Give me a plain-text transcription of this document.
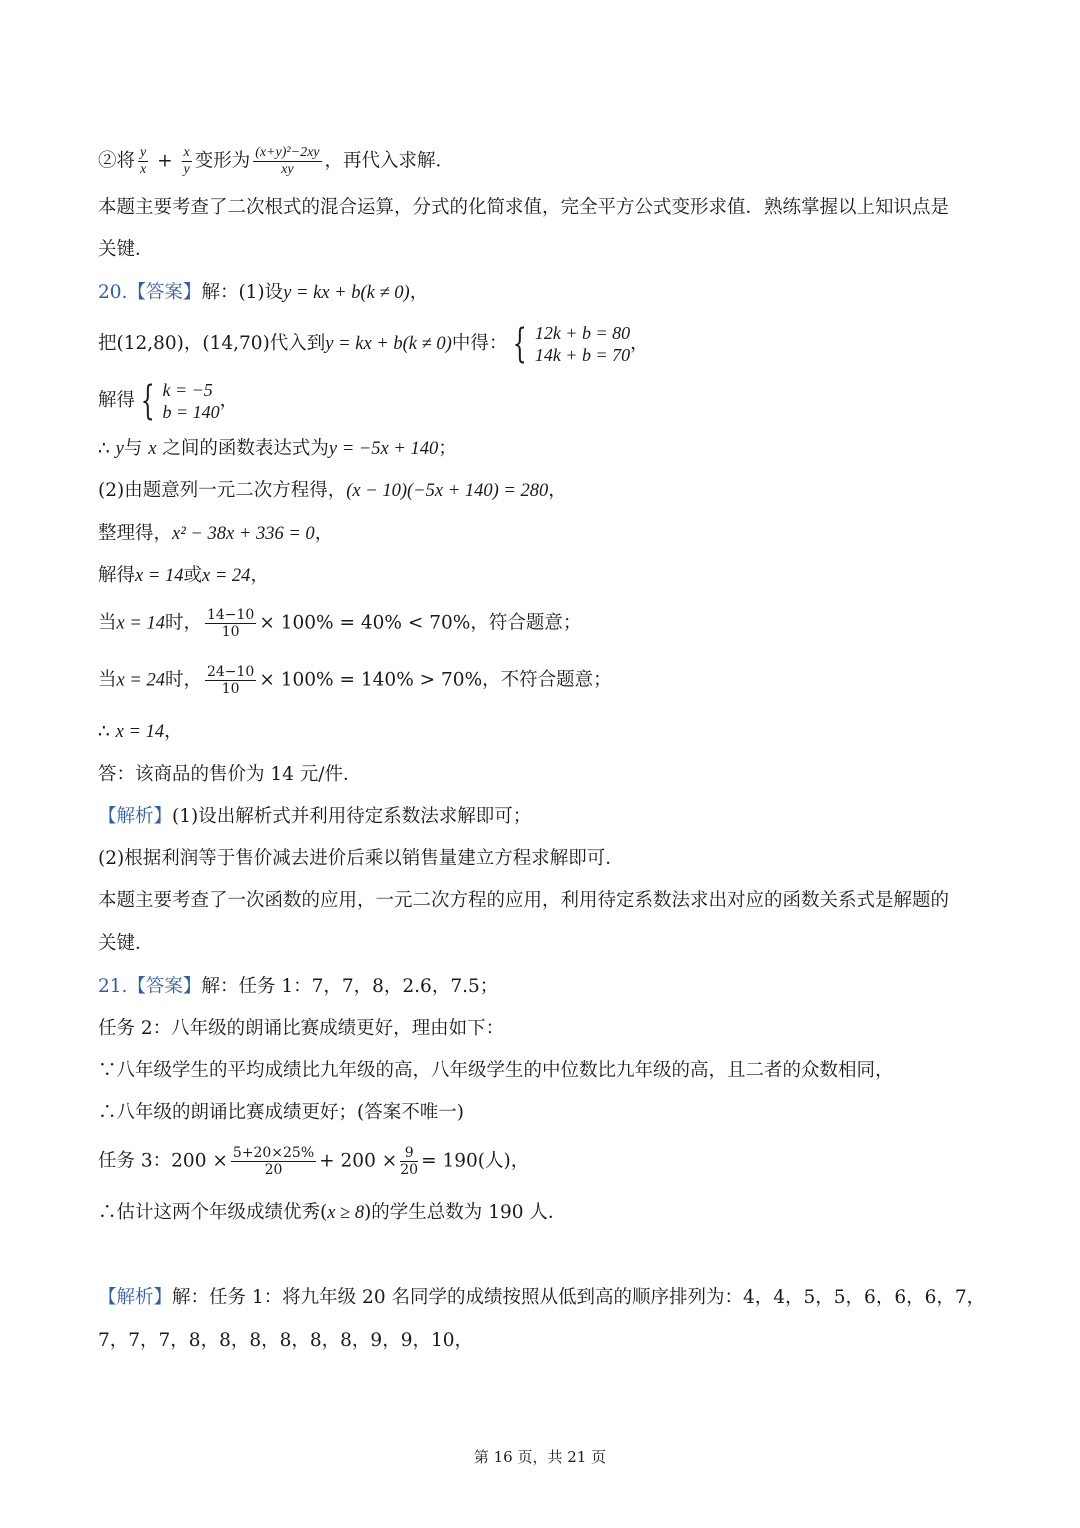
②将 $\frac{y}{x} + \frac{x}{y}$ 变形为 $\frac{\text{(x+y)²−2xy}}{xy}$ ，再代入求解．
本题主要考查了二次根式的混合运算，分式的化简求值，完全平方公式变形求值．熟练掌握以上知识点是
关键．
20.【答案】解：(1)设y = kx + b(k ≠ 0)，
把(12,80)，(14,70)代入到y = kx + b(k ≠ 0)中得： { 12k + b = 80
14k + b = 70
，
解得 { k = −5
b = 140
，
∴ y与 x 之间的函数表达式为y = −5x + 140；
(2)由题意列一元二次方程得，(x − 10)(−5x + 140) = 280，
整理得，x² − 38x + 336 = 0，
解得x = 14或x = 24，
当x = 14时， $\frac{14-10}{10} \times 100\% = 40\% < 70\%$，符合题意；
当x = 24时， $\frac{24-10}{10} \times 100\% = 140\% > 70\%$，不符合题意；
∴ x = 14，
答：该商品的售价为 14 元/件．
【解析】(1)设出解析式并利用待定系数法求解即可；
(2)根据利润等于售价减去进价后乘以销售量建立方程求解即可．
本题主要考查了一次函数的应用，一元二次方程的应用，利用待定系数法求出对应的函数关系式是解题的
关键．
21.【答案】解：任务 1：7，7，8，2.6，7.5；
任务 2：八年级的朗诵比赛成绩更好，理由如下：
∵八年级学生的平均成绩比九年级的高，八年级学生的中位数比九年级的高，且二者的众数相同，
∴八年级的朗诵比赛成绩更好；(答案不唯一)
任务 3：$200 \times \frac{5+20\times 25\%}{20} + 200 \times \frac{9}{20} = 190$(人)，
∴估计这两个年级成绩优秀(x ≥ 8)的学生总数为 190 人．
【解析】解：任务 1：将九年级 20 名同学的成绩按照从低到高的顺序排列为：4，4，5，5，6，6，6，7，
7，7，7，8，8，8，8，8，8，9，9，10，
第 16 页，共 21 页
